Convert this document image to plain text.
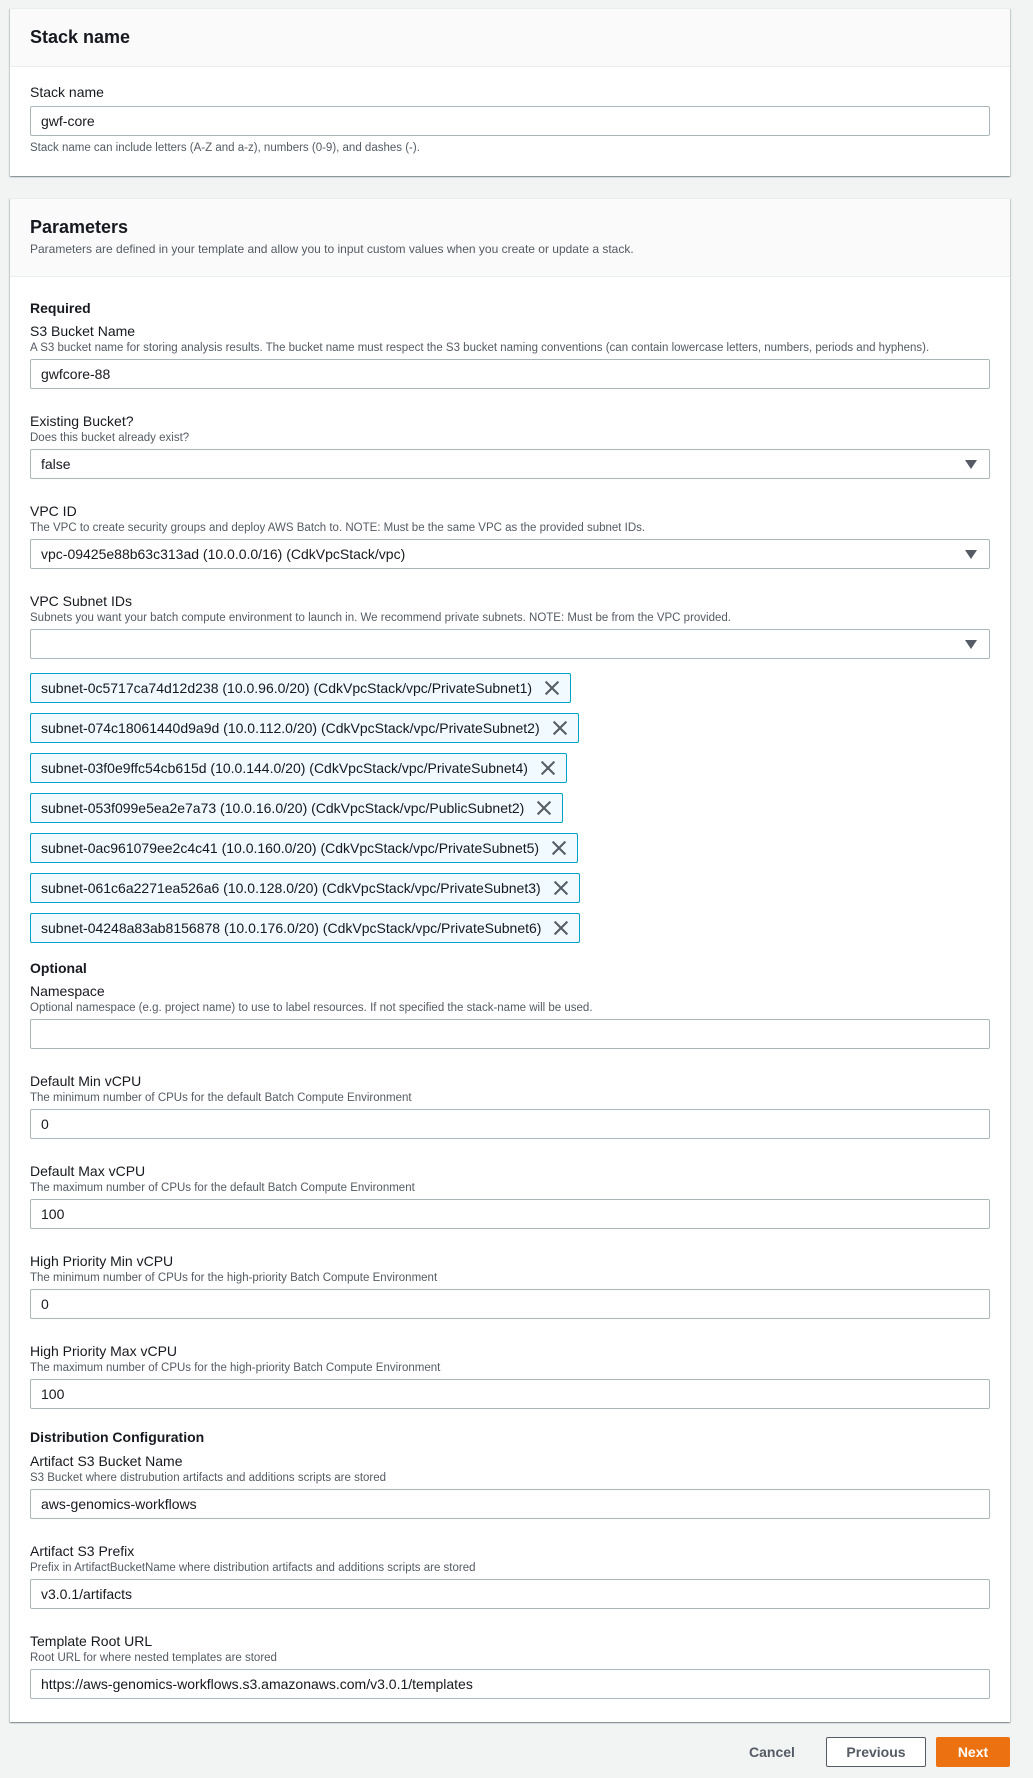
Stack name
Stack name
gwf-core
Stack name can include letters (A-Z and a-z), numbers (0-9), and dashes (-).
Parameters
Parameters are defined in your template and allow you to input custom values when you create or update a stack.
Required
S3 Bucket Name
A S3 bucket name for storing analysis results. The bucket name must respect the S3 bucket naming conventions (can contain lowercase letters, numbers, periods and hyphens).
gwfcore-88
Existing Bucket?
Does this bucket already exist?
false
VPC ID
The VPC to create security groups and deploy AWS Batch to. NOTE: Must be the same VPC as the provided subnet IDs.
vpc-09425e88b63c313ad (10.0.0.0/16) (CdkVpcStack/vpc)
VPC Subnet IDs
Subnets you want your batch compute environment to launch in. We recommend private subnets. NOTE: Must be from the VPC provided.
subnet-0c5717ca74d12d238 (10.0.96.0/20) (CdkVpcStack/vpc/PrivateSubnet1)
subnet-074c18061440d9a9d (10.0.112.0/20) (CdkVpcStack/vpc/PrivateSubnet2)
subnet-03f0e9ffc54cb615d (10.0.144.0/20) (CdkVpcStack/vpc/PrivateSubnet4)
subnet-053f099e5ea2e7a73 (10.0.16.0/20) (CdkVpcStack/vpc/PublicSubnet2)
subnet-0ac961079ee2c4c41 (10.0.160.0/20) (CdkVpcStack/vpc/PrivateSubnet5)
subnet-061c6a2271ea526a6 (10.0.128.0/20) (CdkVpcStack/vpc/PrivateSubnet3)
subnet-04248a83ab8156878 (10.0.176.0/20) (CdkVpcStack/vpc/PrivateSubnet6)
Optional
Namespace
Optional namespace (e.g. project name) to use to label resources. If not specified the stack-name will be used.
Default Min vCPU
The minimum number of CPUs for the default Batch Compute Environment
0
Default Max vCPU
The maximum number of CPUs for the default Batch Compute Environment
100
High Priority Min vCPU
The minimum number of CPUs for the high-priority Batch Compute Environment
0
High Priority Max vCPU
The maximum number of CPUs for the high-priority Batch Compute Environment
100
Distribution Configuration
Artifact S3 Bucket Name
S3 Bucket where distrubution artifacts and additions scripts are stored
aws-genomics-workflows
Artifact S3 Prefix
Prefix in ArtifactBucketName where distribution artifacts and additions scripts are stored
v3.0.1/artifacts
Template Root URL
Root URL for where nested templates are stored
https://aws-genomics-workflows.s3.amazonaws.com/v3.0.1/templates
Cancel	Previous	Next
